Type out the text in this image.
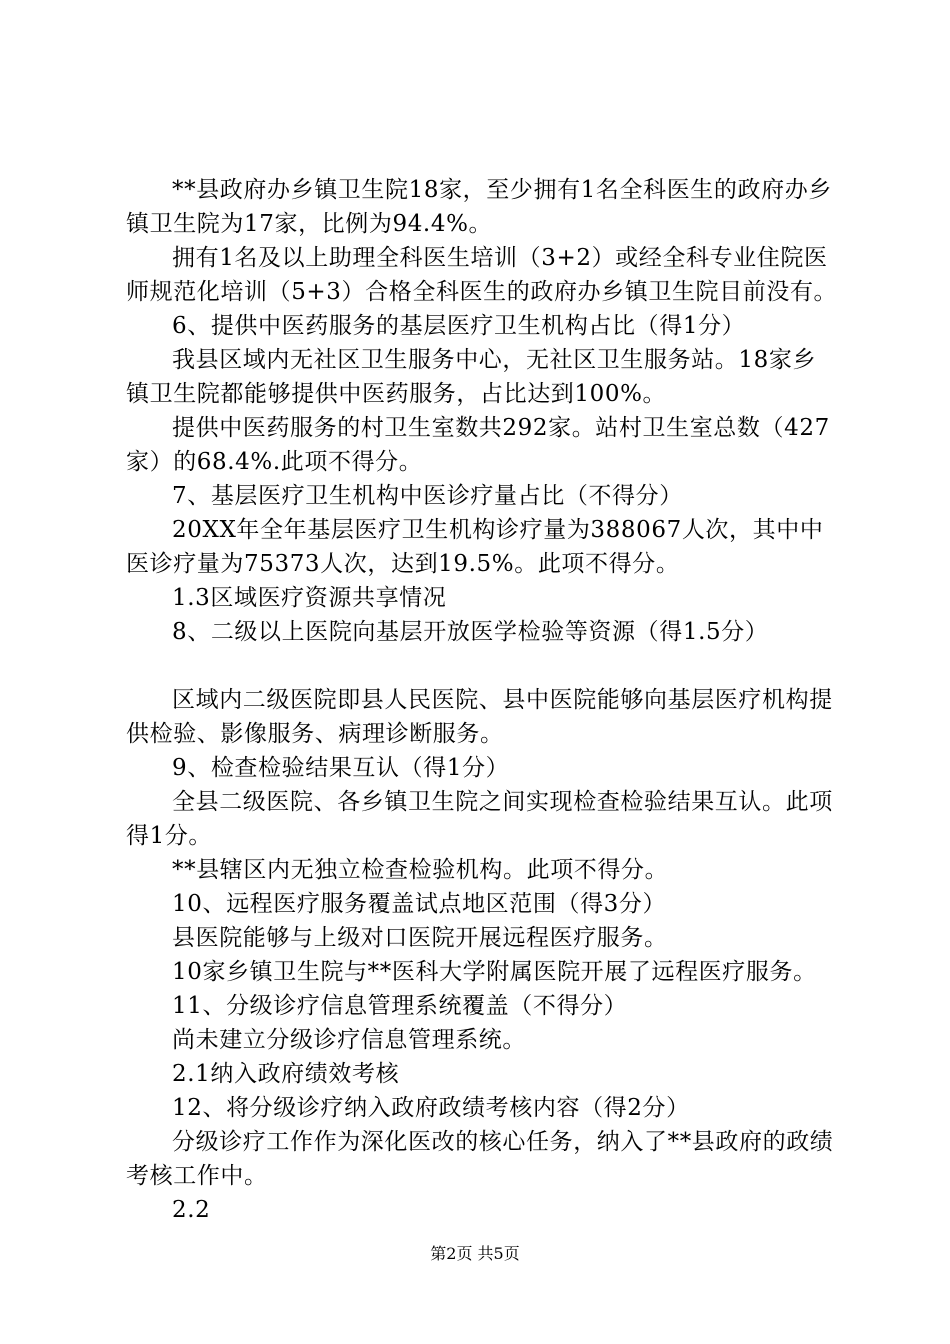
**县政府办乡镇卫生院18家，至少拥有1名全科医生的政府办乡镇卫生院为17家，比例为94.4%。

拥有1名及以上助理全科医生培训（3+2）或经全科专业住院医师规范化培训（5+3）合格全科医生的政府办乡镇卫生院目前没有。

6、提供中医药服务的基层医疗卫生机构占比（得1分）

我县区域内无社区卫生服务中心，无社区卫生服务站。18家乡镇卫生院都能够提供中医药服务，占比达到100%。

提供中医药服务的村卫生室数共292家。站村卫生室总数（427家）的68.4%.此项不得分。

7、基层医疗卫生机构中医诊疗量占比（不得分）

20XX年全年基层医疗卫生机构诊疗量为388067人次，其中中医诊疗量为75373人次，达到19.5%。此项不得分。

1.3区域医疗资源共享情况

8、二级以上医院向基层开放医学检验等资源（得1.5分）

区域内二级医院即县人民医院、县中医院能够向基层医疗机构提供检验、影像服务、病理诊断服务。

9、检查检验结果互认（得1分）

全县二级医院、各乡镇卫生院之间实现检查检验结果互认。此项得1分。

**县辖区内无独立检查检验机构。此项不得分。

10、远程医疗服务覆盖试点地区范围（得3分）

县医院能够与上级对口医院开展远程医疗服务。

10家乡镇卫生院与**医科大学附属医院开展了远程医疗服务。

11、分级诊疗信息管理系统覆盖（不得分）

尚未建立分级诊疗信息管理系统。

2.1纳入政府绩效考核

12、将分级诊疗纳入政府政绩考核内容（得2分）

分级诊疗工作作为深化医改的核心任务，纳入了**县政府的政绩考核工作中。

2.2

第2页 共5页
